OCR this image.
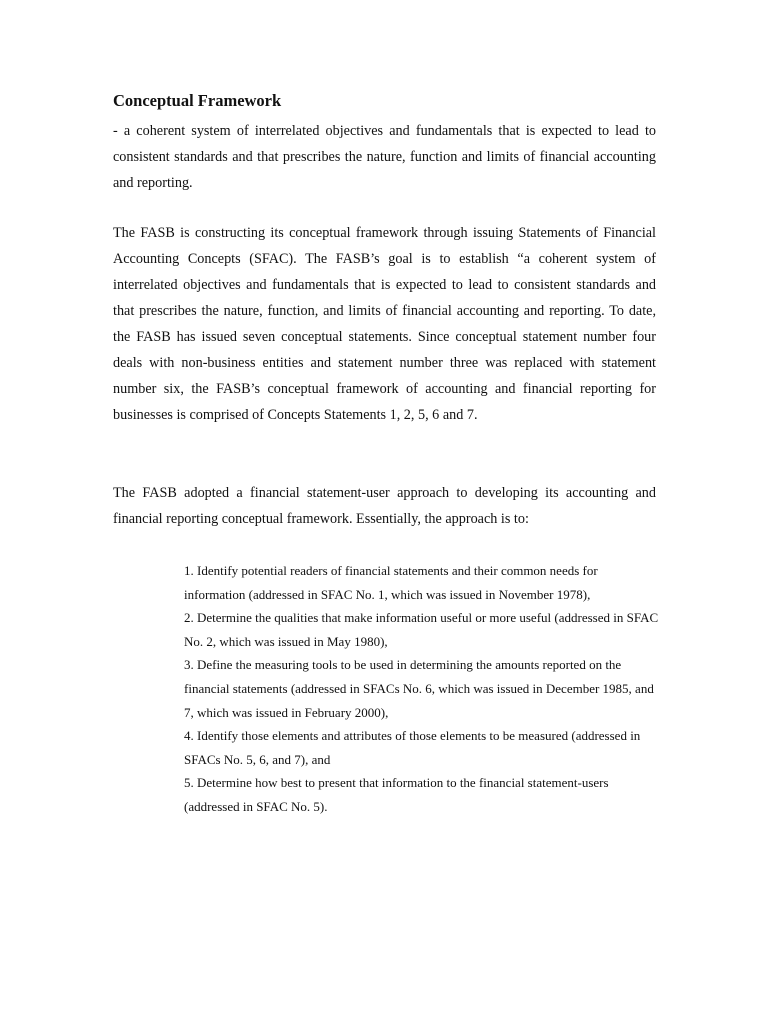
Conceptual Framework

- a coherent system of interrelated objectives and fundamentals that is expected to lead to consistent standards and that prescribes the nature, function and limits of financial accounting and reporting.

The FASB is constructing its conceptual framework through issuing Statements of Financial Accounting Concepts (SFAC). The FASB’s goal is to establish “a coherent system of interrelated objectives and fundamentals that is expected to lead to consistent standards and that prescribes the nature, function, and limits of financial accounting and reporting. To date, the FASB has issued seven conceptual statements. Since conceptual statement number four deals with non-business entities and statement number three was replaced with statement number six, the FASB’s conceptual framework of accounting and financial reporting for businesses is comprised of Concepts Statements 1, 2, 5, 6 and 7.

The FASB adopted a financial statement-user approach to developing its accounting and financial reporting conceptual framework. Essentially, the approach is to:

1. Identify potential readers of financial statements and their common needs for information (addressed in SFAC No. 1, which was issued in November 1978),
2. Determine the qualities that make information useful or more useful (addressed in SFAC No. 2, which was issued in May 1980),
3. Define the measuring tools to be used in determining the amounts reported on the financial statements (addressed in SFACs No. 6, which was issued in December 1985, and 7, which was issued in February 2000),
4. Identify those elements and attributes of those elements to be measured (addressed in SFACs No. 5, 6, and 7), and
5. Determine how best to present that information to the financial statement-users (addressed in SFAC No. 5).
